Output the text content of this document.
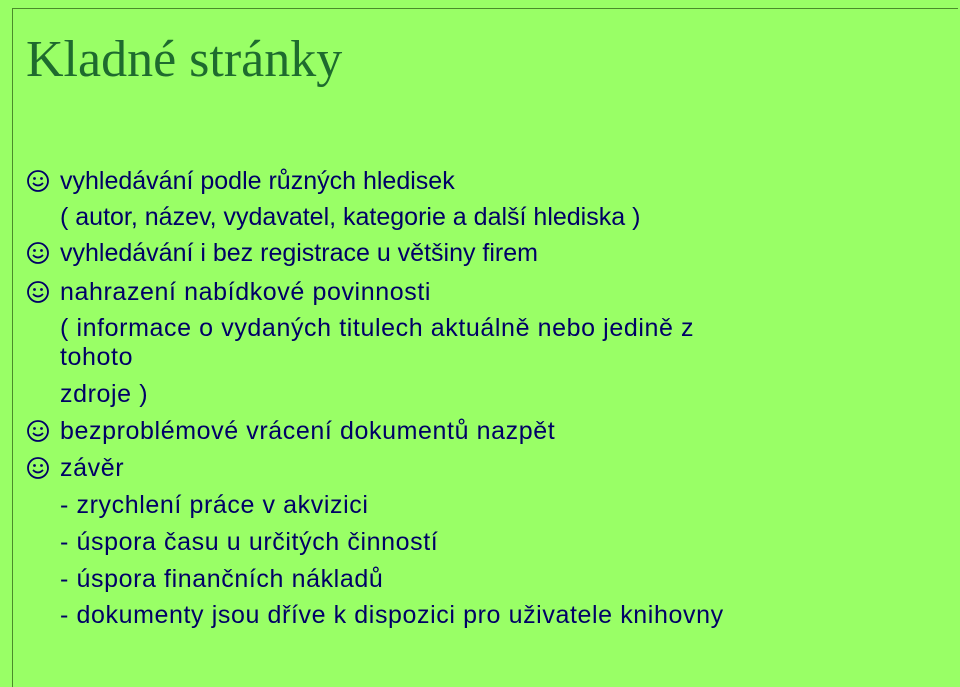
Kladné stránky
vyhledávání podle různých hledisek
( autor, název, vydavatel, kategorie a další hlediska )
vyhledávání i bez registrace u většiny firem
nahrazení nabídkové povinnosti
( informace o vydaných titulech aktuálně nebo jedině z
tohoto
zdroje )
bezproblémové vrácení dokumentů nazpět
závěr
- zrychlení práce v akvizici
- úspora času u určitých činností
- úspora finančních nákladů
- dokumenty jsou dříve k dispozici pro uživatele knihovny
